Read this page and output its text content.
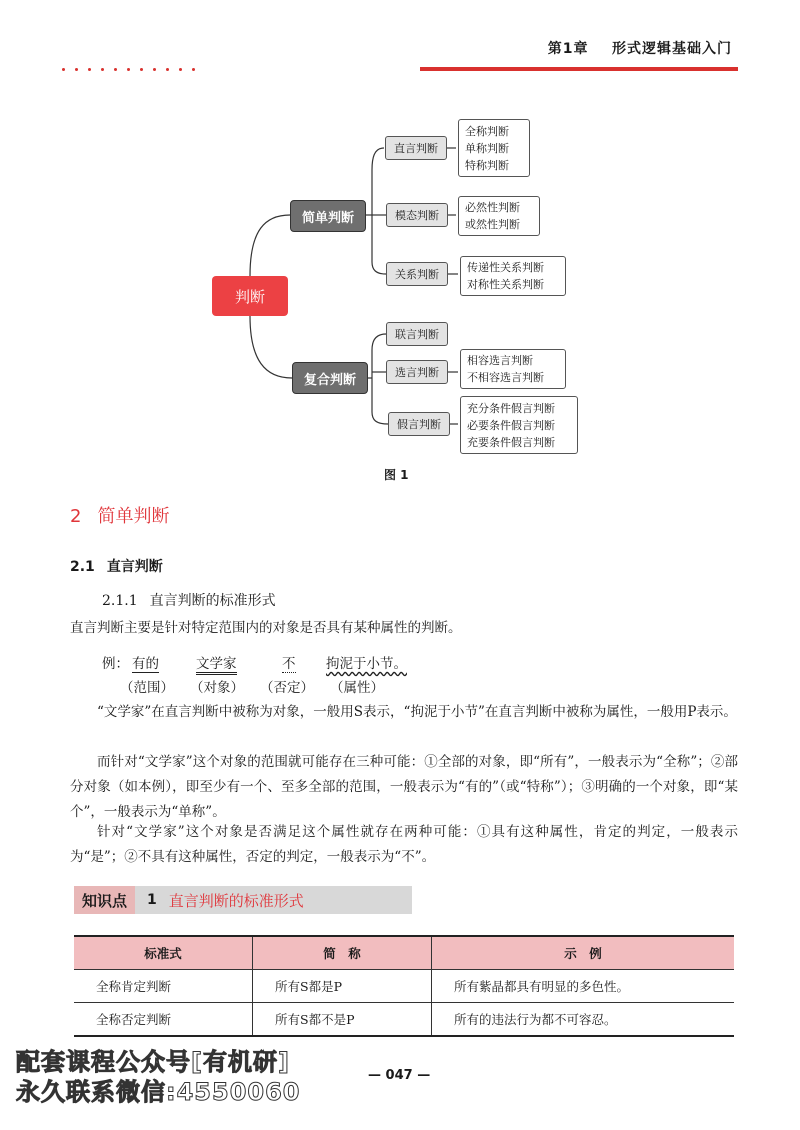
第1章 形式逻辑基础入门
判断
简单判断
复合判断
直言判断
模态判断
关系判断
联言判断
选言判断
假言判断
全称判断
单称判断
特称判断
必然性判断
或然性判断
传递性关系判断
对称性关系判断
相容选言判断
不相容选言判断
充分条件假言判断
必要条件假言判断
充要条件假言判断
图 1
2 简单判断
2.1 直言判断
2.1.1 直言判断的标准形式
直言判断主要是针对特定范围内的对象是否具有某种属性的判断。
例： 有的	文学家	不 拘泥于小节。
（范围） （对象） （否定） （属性）
“文学家”在直言判断中被称为对象，一般用S表示，“拘泥于小节”在直言判断中被称为属性，一般用P表示。
而针对“文学家”这个对象的范围就可能存在三种可能：①全部的对象，即“所有”，一般表示为“全称”；②部分对象（如本例），即至少有一个、至多全部的范围，一般表示为“有的”（或“特称”）；③明确的一个对象，即“某个”，一般表示为“单称”。
针对“文学家”这个对象是否满足这个属性就存在两种可能：①具有这种属性，肯定的判定，一般表示为“是”；②不具有这种属性，否定的判定，一般表示为“不”。
知识点	1 直言判断的标准形式
标准式	简　称	示　例
全称肯定判断	所有S都是P	所有紫晶都具有明显的多色性。
全称否定判断	所有S都不是P	所有的违法行为都不可容忍。
配套课程公众号[有机研]
永久联系微信:4550060
— 047 —
